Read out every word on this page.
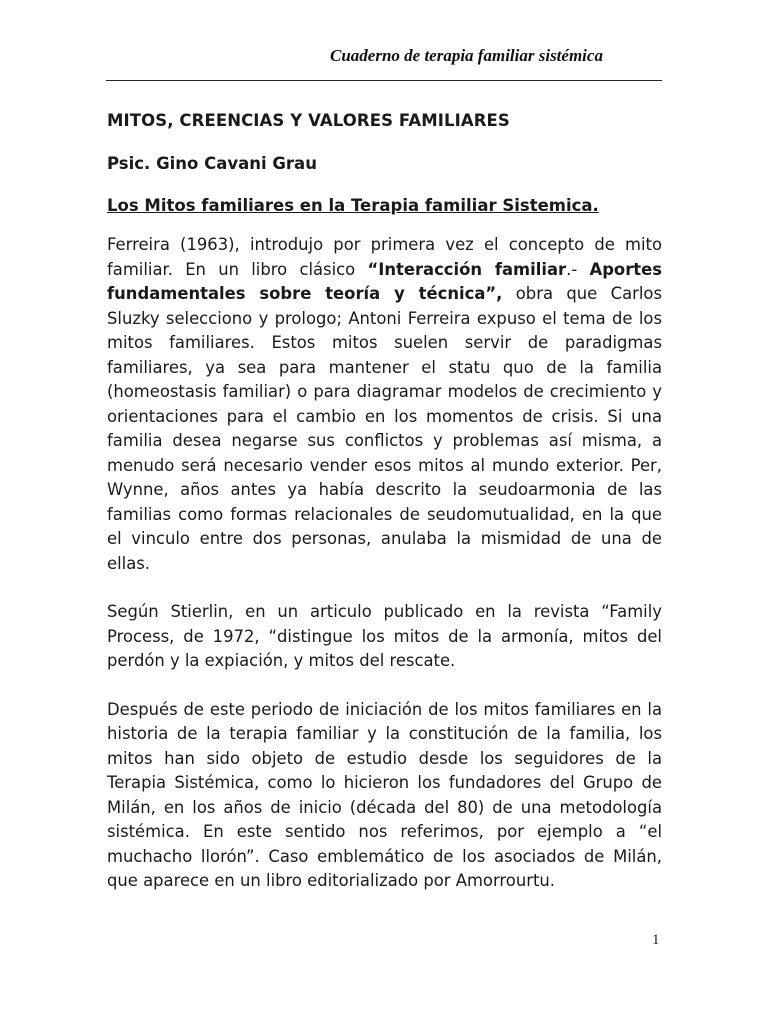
Cuaderno de terapia familiar sistémica
MITOS, CREENCIAS Y VALORES FAMILIARES

Psic. Gino Cavani Grau

Los Mitos familiares en la Terapia familiar Sistemica.

Ferreira (1963), introdujo por primera vez el concepto de mito familiar. En un libro clásico “Interacción familiar.- Aportes fundamentales sobre teoría y técnica”, obra que Carlos Sluzky selecciono y prologo; Antoni Ferreira expuso el tema de los mitos familiares. Estos mitos suelen servir de paradigmas familiares, ya sea para mantener el statu quo de la familia (homeostasis familiar) o para diagramar modelos de crecimiento y orientaciones para el cambio en los momentos de crisis. Si una familia desea negarse sus conflictos y problemas así misma, a menudo será necesario vender esos mitos al mundo exterior. Per, Wynne, años antes ya había descrito la seudoarmonia de las familias como formas relacionales de seudomutualidad, en la que el vinculo entre dos personas, anulaba la mismidad de una de ellas.

Según Stierlin, en un articulo publicado en la revista “Family Process, de 1972, “distingue los mitos de la armonía, mitos del perdón y la expiación, y mitos del rescate.

Después de este periodo de iniciación de los mitos familiares en la historia de la terapia familiar y la constitución de la familia, los mitos han sido objeto de estudio desde los seguidores de la Terapia Sistémica, como lo hicieron los fundadores del Grupo de Milán, en los años de inicio (década del 80) de una metodología sistémica. En este sentido nos referimos, por ejemplo a “el muchacho llorón”. Caso emblemático de los asociados de Milán, que aparece en un libro editorializado por Amorrourtu.

1
